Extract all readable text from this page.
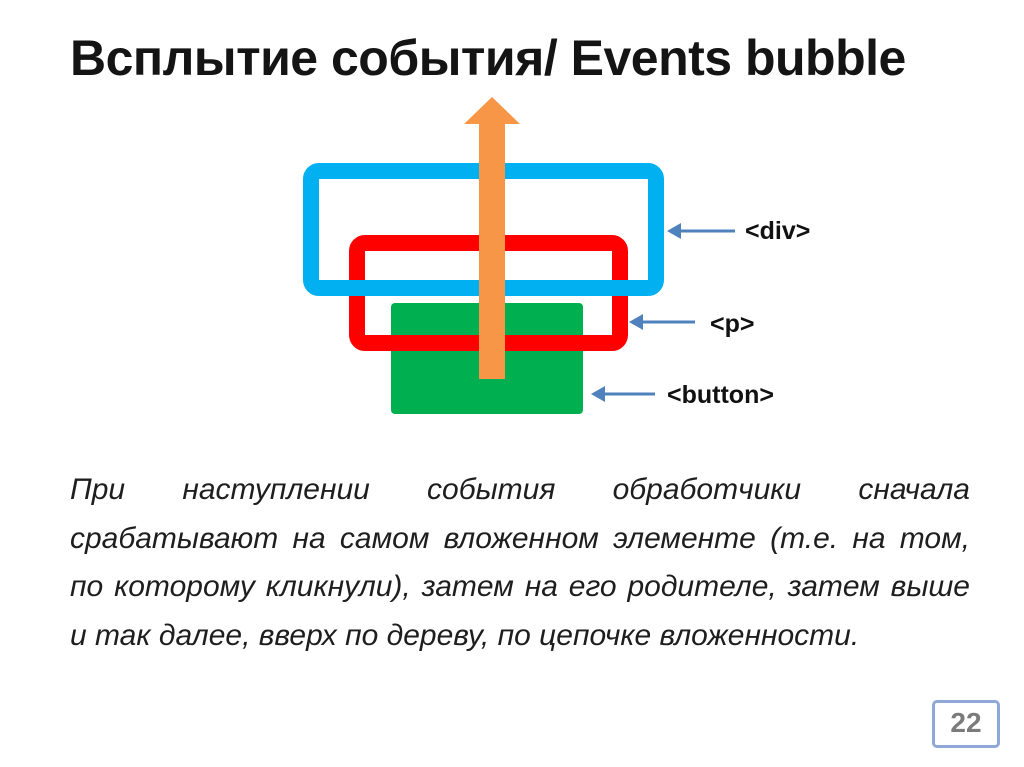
Всплытие события/ Events bubble
<div>
<p>
<button>
При наступлении события обработчики сначала срабатывают на самом вложенном элементе (т.е. на том, по которому кликнули), затем на его родителе, затем выше и так далее, вверх по дереву, по цепочке вложенности.
22
